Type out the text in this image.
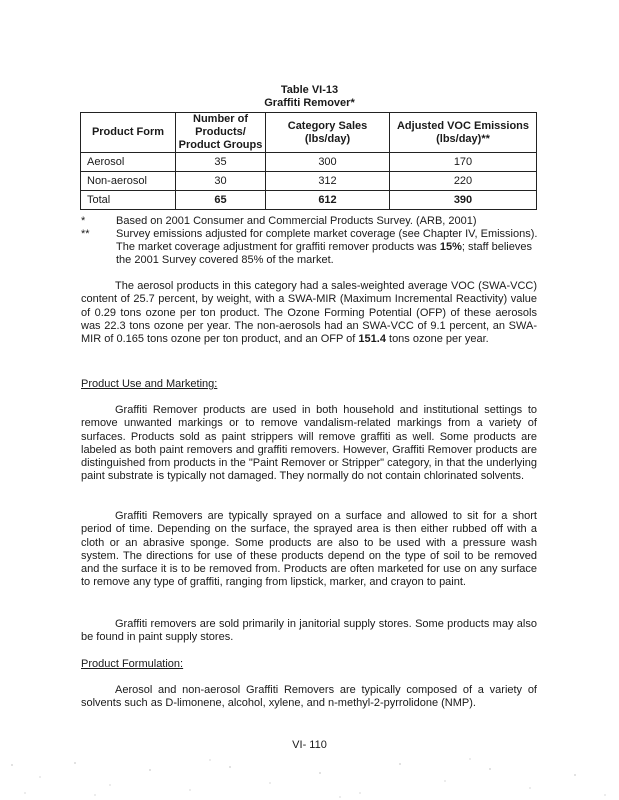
Table VI-13
Graffiti Remover*
Product Form	Number of Products/ Product Groups	Category Sales (lbs/day)	Adjusted VOC Emissions (lbs/day)**
Aerosol	35	300	170
Non-aerosol	30	312	220
Total	65	612	390
*	Based on 2001 Consumer and Commercial Products Survey. (ARB, 2001)
** Survey emissions adjusted for complete market coverage (see Chapter IV, Emissions). The market coverage adjustment for graffiti remover products was 15%; staff believes the 2001 Survey covered 85% of the market.
The aerosol products in this category had a sales-weighted average VOC (SWA-VCC) content of 25.7 percent, by weight, with a SWA-MIR (Maximum Incremental Reactivity) value of 0.29 tons ozone per ton product. The Ozone Forming Potential (OFP) of these aerosols was 22.3 tons ozone per year. The non-aerosols had an SWA-VCC of 9.1 percent, an SWA-MIR of 0.165 tons ozone per ton product, and an OFP of 151.4 tons ozone per year.
Product Use and Marketing:
Graffiti Remover products are used in both household and institutional settings to remove unwanted markings or to remove vandalism-related markings from a variety of surfaces. Products sold as paint strippers will remove graffiti as well. Some products are labeled as both paint removers and graffiti removers. However, Graffiti Remover products are distinguished from products in the "Paint Remover or Stripper" category, in that the underlying paint substrate is typically not damaged. They normally do not contain chlorinated solvents.
Graffiti Removers are typically sprayed on a surface and allowed to sit for a short period of time. Depending on the surface, the sprayed area is then either rubbed off with a cloth or an abrasive sponge. Some products are also to be used with a pressure wash system. The directions for use of these products depend on the type of soil to be removed and the surface it is to be removed from. Products are often marketed for use on any surface to remove any type of graffiti, ranging from lipstick, marker, and crayon to paint.
Graffiti removers are sold primarily in janitorial supply stores. Some products may also be found in paint supply stores.
Product Formulation:
Aerosol and non-aerosol Graffiti Removers are typically composed of a variety of solvents such as D-limonene, alcohol, xylene, and n-methyl-2-pyrrolidone (NMP).
VI- 110
